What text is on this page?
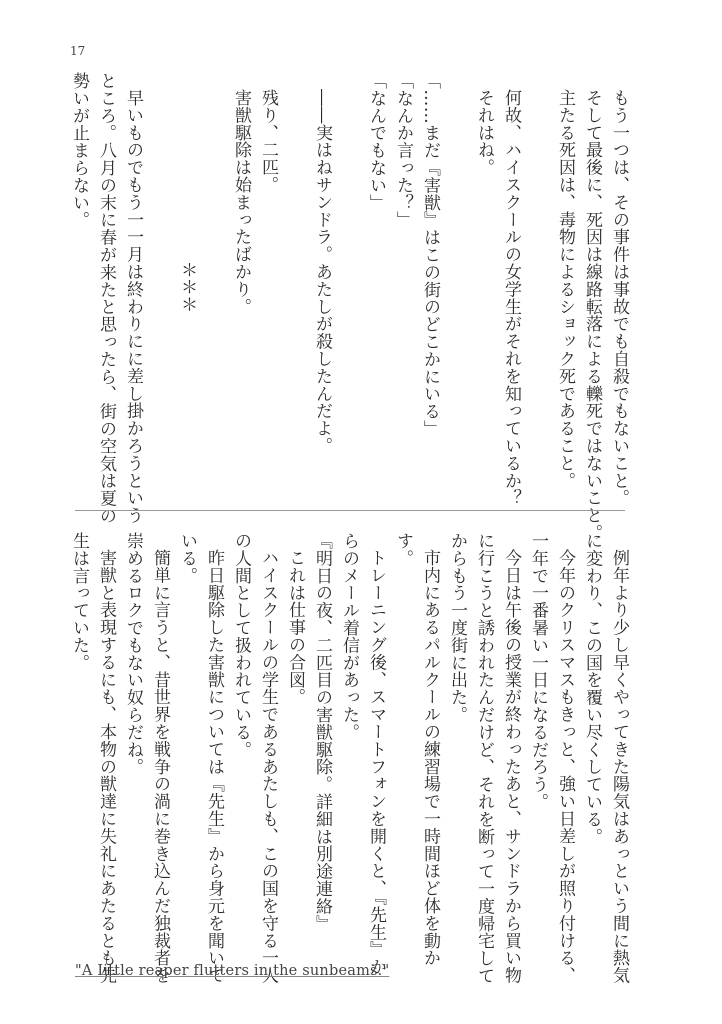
17
もう一つは、その事件は事故でも自殺でもないこと。
そして最後に、死因は線路転落による轢死ではないこと。
主たる死因は、毒物によるショック死であること。
何故、ハイスクールの女学生がそれを知っているか？
それはね。
「……まだ『害獣』はこの街のどこかにいる」
「なんか言った？」
「なんでもない」
――実はねサンドラ。あたしが殺したんだよ。
残り、二匹。
害獣駆除は始まったばかり。
＊＊＊
早いものでもう一一月は終わりにに差し掛かろうという
ところ。八月の末に春が来たと思ったら、街の空気は夏の
勢いが止まらない。
例年より少し早くやってきた陽気はあっという間に熱気
に変わり、この国を覆い尽くしている。
今年のクリスマスもきっと、強い日差しが照り付ける、
一年で一番暑い一日になるだろう。
今日は午後の授業が終わったあと、サンドラから買い物
に行こうと誘われたんだけど、それを断って一度帰宅して
からもう一度街に出た。
市内にあるパルクールの練習場で一時間ほど体を動か
す。
トレーニング後、スマートフォンを開くと、『先生』か
らのメール着信があった。
『明日の夜、二匹目の害獣駆除。詳細は別途連絡』
これは仕事の合図。
ハイスクールの学生であるあたしも、この国を守る一人
の人間として扱われている。
昨日駆除した害獣については『先生』から身元を聞いて
いる。
簡単に言うと、昔世界を戦争の渦に巻き込んだ独裁者を
崇めるロクでもない奴らだね。
害獣と表現するにも、本物の獣達に失礼にあたるとも先
生は言っていた。
"A Iittle reaper flutters in the sunbeams."
